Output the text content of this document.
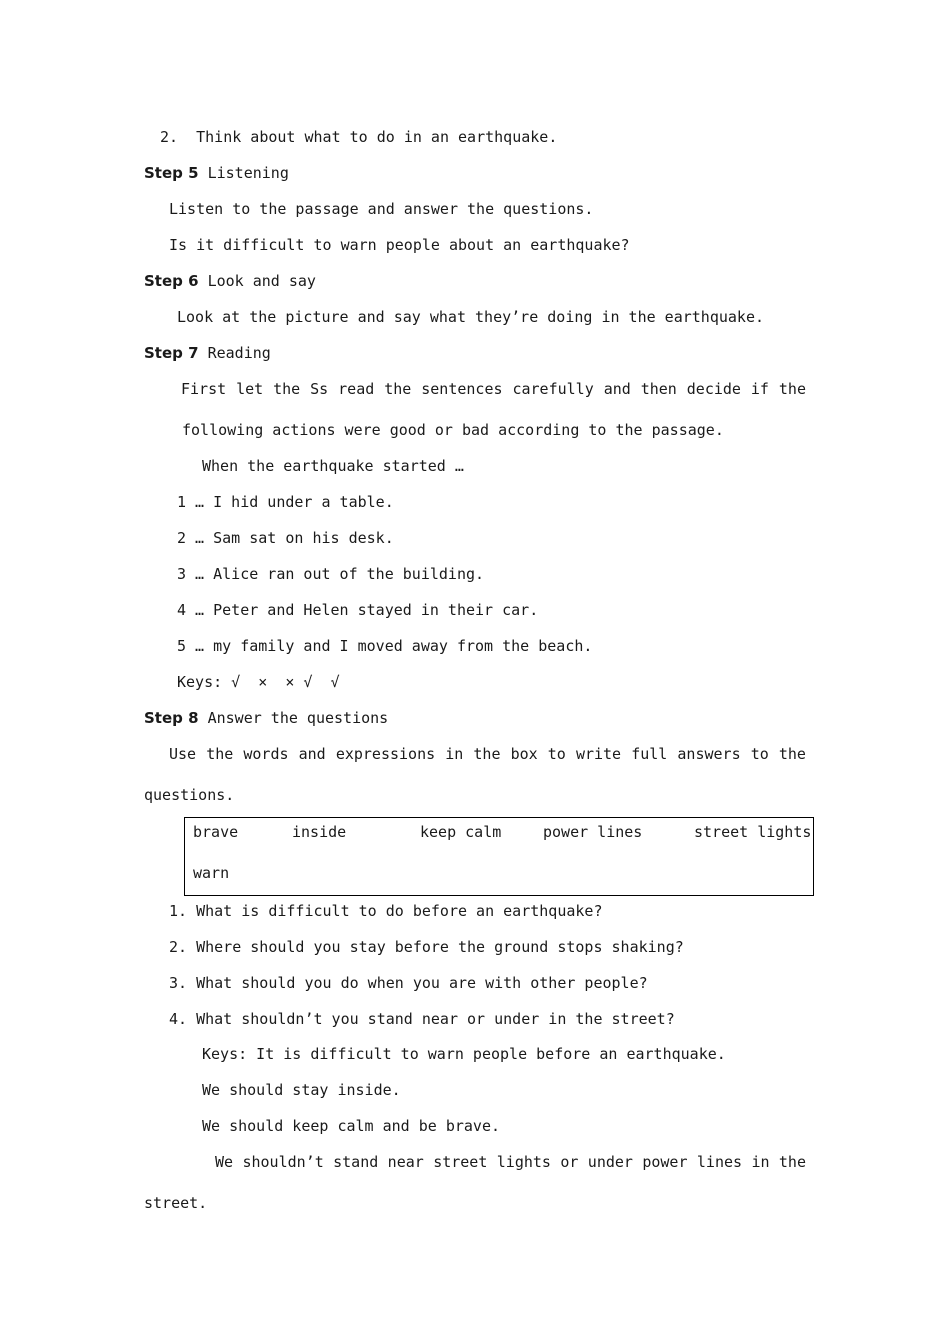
2. Think about what to do in an earthquake.
Step 5 Listening
Listen to the passage and answer the questions.
Is it difficult to warn people about an earthquake?
Step 6 Look and say
Look at the picture and say what they’re doing in the earthquake.
Step 7 Reading
First let the Ss read the sentences carefully and then decide if the
following actions were good or bad according to the passage.
When the earthquake started …
1 … I hid under a table.
2 … Sam sat on his desk.
3 … Alice ran out of the building.
4 … Peter and Helen stayed in their car.
5 … my family and I moved away from the beach.
Keys: √  ×  × √  √
Step 8 Answer the questions
Use the words and expressions in the box to write full answers to the
questions.
brave	inside	keep calm	power lines	street lights
warn
1. What is difficult to do before an earthquake?
2. Where should you stay before the ground stops shaking?
3. What should you do when you are with other people?
4. What shouldn’t you stand near or under in the street?
Keys: It is difficult to warn people before an earthquake.
We should stay inside.
We should keep calm and be brave.
We shouldn’t stand near street lights or under power lines in the
street.
